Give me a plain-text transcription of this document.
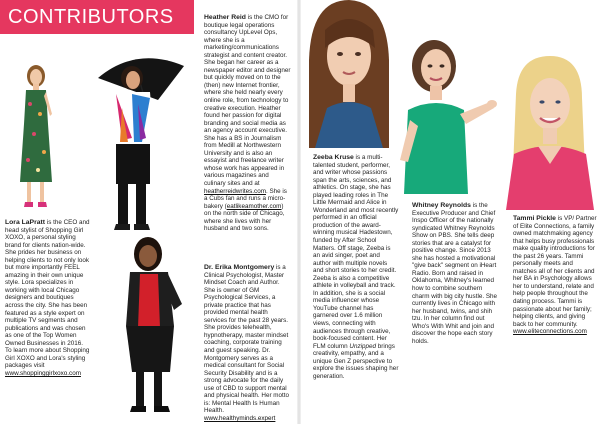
CONTRIBUTORS
Lora LaPratt is the CEO and head stylist of Shopping Girl XOXO, a personal styling brand for clients nation-wide. She prides her business on helping clients to not only look but more importantly FEEL amazing in their own unique style. Lora specializes in working with local Chicago designers and boutiques across the city. She has been featured as a style expert on multiple TV segments and publications and was chosen as one of the Top Women Owned Businesses in 2016. To learn more about Shopping Girl XOXO and Lora's styling packages visit www.shoppinggirlxoxo.com
Heather Reid is the CMO for boutique legal operations consultancy UpLevel Ops, where she is a marketing/communications strategist and content creator. She began her career as a newspaper editor and designer but quickly moved on to the (then) new Internet frontier, where she held nearly every online role, from technology to creative execution. Heather found her passion for digital branding and social media as an agency account executive. She has a BS in Journalism from Medill at Northwestern University and is also an essayist and freelance writer whose work has appeared in various magazines and culinary sites and at heatherreidwrites.com. She is a Cubs fan and runs a micro-bakery (eatlikeamother.com) on the north side of Chicago, where she lives with her husband and two sons.
Dr. Erika Montgomery is a Clinical Psychologist, Master Mindset Coach and Author. She is owner of GM Psychological Services, a private practice that has provided mental health services for the past 28 years. She provides telehealth, hypnotherapy, master mindset coaching, corporate training and guest speaking. Dr. Montgomery serves as a medical consultant for Social Security Disability and is a strong advocate for the daily use of CBD to support mental and physical health. Her motto is: Mental Health Is Human Health. www.healthyminds.expert
Zeeba Kruse is a multi-talented student, performer, and writer whose passions span the arts, sciences, and athletics. On stage, she has played leading roles in The Little Mermaid and Alice in Wonderland and most recently performed in an official production of the award-winning musical Hadestown, funded by After School Matters. Off stage, Zeeba is an avid singer, poet and author with multiple novels and short stories to her credit. Zeeba is also a competitive athlete in volleyball and track. In addition, she is a social media influencer whose YouTube channel has garnered over 1.6 million views, connecting with audiences through creative, book-focused content. Her FLM column Unzipped brings creativity, empathy, and a unique Gen Z perspective to explore the issues shaping her generation.
Whitney Reynolds is the Executive Producer and Chief Inspo Officer of the nationally syndicated Whitney Reynolds Show on PBS. She tells deep stories that are a catalyst for positive change. Since 2013 she has hosted a motivational "give back" segment on iHeart Radio. Born and raised in Oklahoma, Whitney's learned how to combine southern charm with big city hustle. She currently lives in Chicago with her husband, twins, and shih tzu. In her column find out Who's With Whit and join and discover the hope each story holds.
Tammi Pickle is VP/ Partner of Elite Connections, a family owned matchmaking agency that helps busy professionals make quality introductions for the past 26 years. Tammi personally meets and matches all of her clients and her BA in Psychology allows her to understand, relate and help people throughout the dating process. Tammi is passionate about her family; helping clients, and giving back to her community. www.eliteconnections.com
